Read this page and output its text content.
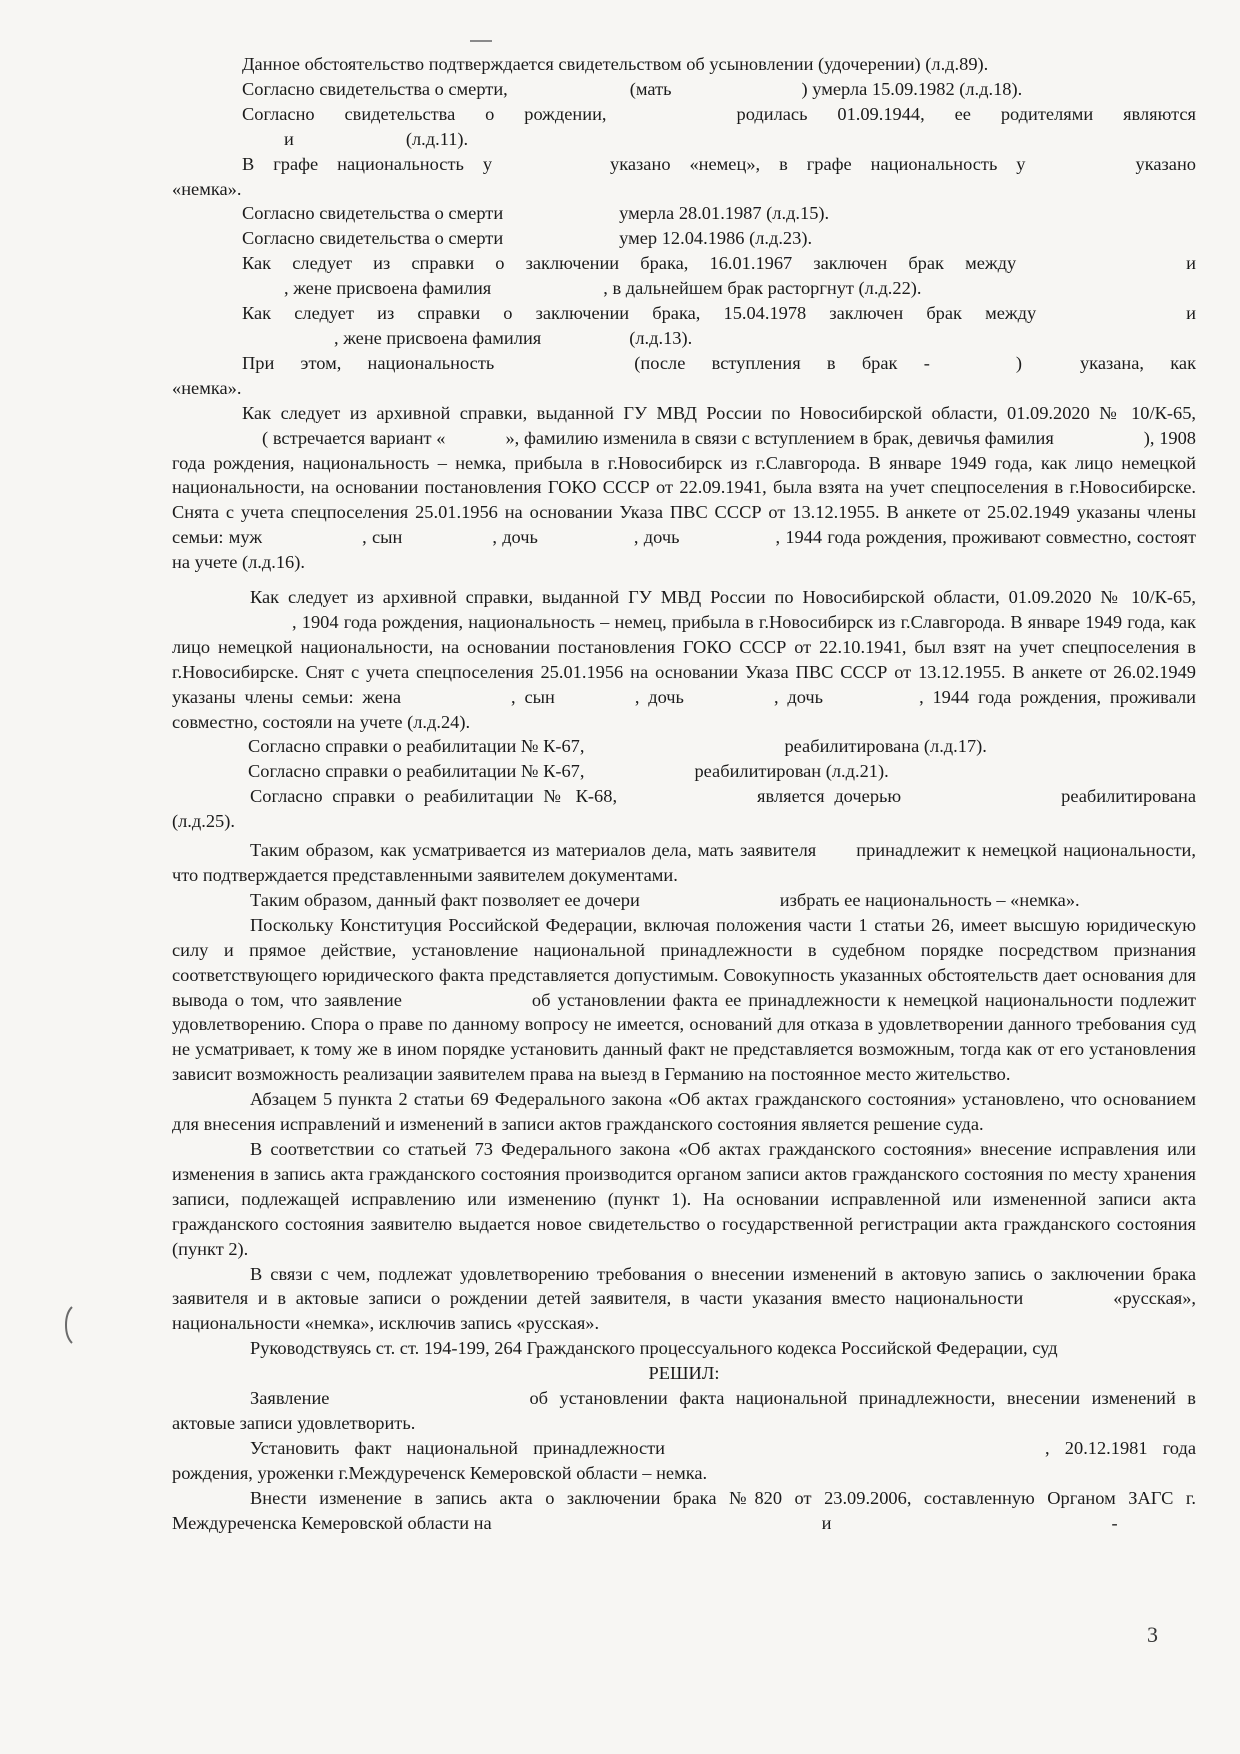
Данное обстоятельство подтверждается свидетельством об усыновлении (удочерении) (л.д.89).

Согласно свидетельства о смерти,	(мать	) умерла 15.09.1982 (л.д.18).

Согласно свидетельства о рождении,	родилась 01.09.1944, ее родителями являются

и	(л.д.11).

В графе национальность у	указано «немец», в графе национальность у	указано

«немка».

Согласно свидетельства о смерти	умерла 28.01.1987 (л.д.15).

Согласно свидетельства о смерти	умер 12.04.1986 (л.д.23).

Как следует из справки о заключении брака, 16.01.1967 заключен брак между	и

, жене присвоена фамилия	, в дальнейшем брак расторгнут (л.д.22).

Как следует из справки о заключении брака, 15.04.1978 заключен брак между	и

, жене присвоена фамилия	(л.д.13).

При этом, национальность	(после вступления в брак -	)	указана, как

«немка».

Как следует из архивной справки, выданной ГУ МВД России по Новосибирской области, 01.09.2020 № 10/К-65,( встречается вариант «	», фамилию изменила в связи с вступлением в брак, девичья фамилия	), 1908 года рождения, национальность – немка, прибыла в г.Новосибирск из г.Славгорода. В январе 1949 года, как лицо немецкой национальности, на основании постановления ГОКО СССР от 22.09.1941, была взята на учет спецпоселения в г.Новосибирске. Снята с учета спецпоселения 25.01.1956 на основании Указа ПВС СССР от 13.12.1955. В анкете от 25.02.1949 указаны члены семьи: муж	, сын	, дочь	, дочь	, 1944 года рождения, проживают совместно, состоят на учете (л.д.16).

Как следует из архивной справки, выданной ГУ МВД России по Новосибирской области, 01.09.2020 № 10/К-65,, 1904 года рождения, национальность – немец, прибыла в г.Новосибирск из г.Славгорода. В январе 1949 года, как лицо немецкой национальности, на основании постановления ГОКО СССР от 22.10.1941, был взят на учет спецпоселения в г.Новосибирске. Снят с учета спецпоселения 25.01.1956 на основании Указа ПВС СССР от 13.12.1955. В анкете от 26.02.1949 указаны члены семьи: жена	, сын	, дочь	, дочь	, 1944 года рождения, проживали совместно, состояли на учете (л.д.24).

Согласно справки о реабилитации № К-67,	реабилитирована (л.д.17).

Согласно справки о реабилитации № К-67,	реабилитирован (л.д.21).

Согласно справки о реабилитации № К-68,	является дочерью	реабилитирована (л.д.25).

Таким образом, как усматривается из материалов дела, мать заявителя принадлежит к немецкой национальности, что подтверждается представленными заявителем документами.

Таким образом, данный факт позволяет ее дочери	избрать ее национальность – «немка».

Поскольку Конституция Российской Федерации, включая положения части 1 статьи 26, имеет высшую юридическую силу и прямое действие, установление национальной принадлежности в судебном порядке посредством признания соответствующего юридического факта представляется допустимым. Совокупность указанных обстоятельств дает основания для вывода о том, что заявление	об установлении факта ее принадлежности к немецкой национальности подлежит удовлетворению. Спора о праве по данному вопросу не имеется, оснований для отказа в удовлетворении данного требования суд не усматривает, к тому же в ином порядке установить данный факт не представляется возможным, тогда как от его установления зависит возможность реализации заявителем права на выезд в Германию на постоянное место жительство.

Абзацем 5 пункта 2 статьи 69 Федерального закона «Об актах гражданского состояния» установлено, что основанием для внесения исправлений и изменений в записи актов гражданского состояния является решение суда.

В соответствии со статьей 73 Федерального закона «Об актах гражданского состояния» внесение исправления или изменения в запись акта гражданского состояния производится органом записи актов гражданского состояния по месту хранения записи, подлежащей исправлению или изменению (пункт 1). На основании исправленной или измененной записи акта гражданского состояния заявителю выдается новое свидетельство о государственной регистрации акта гражданского состояния (пункт 2).

В связи с чем, подлежат удовлетворению требования о внесении изменений в актовую запись о заключении брака заявителя и в актовые записи о рождении детей заявителя, в части указания вместо национальности	«русская», национальности «немка», исключив запись «русская».

Руководствуясь ст. ст. 194-199, 264 Гражданского процессуального кодекса Российской Федерации, суд

РЕШИЛ:

Заявление	об установлении факта национальной принадлежности, внесении изменений в актовые записи удовлетворить.

Установить факт национальной принадлежности	, 20.12.1981 года рождения, уроженки г.Междуреченск Кемеровской области – немка.

Внести изменение в запись акта о заключении брака №820 от 23.09.2006, составленную Органом ЗАГС г. Междуреченска Кемеровской области на	и	-

3
